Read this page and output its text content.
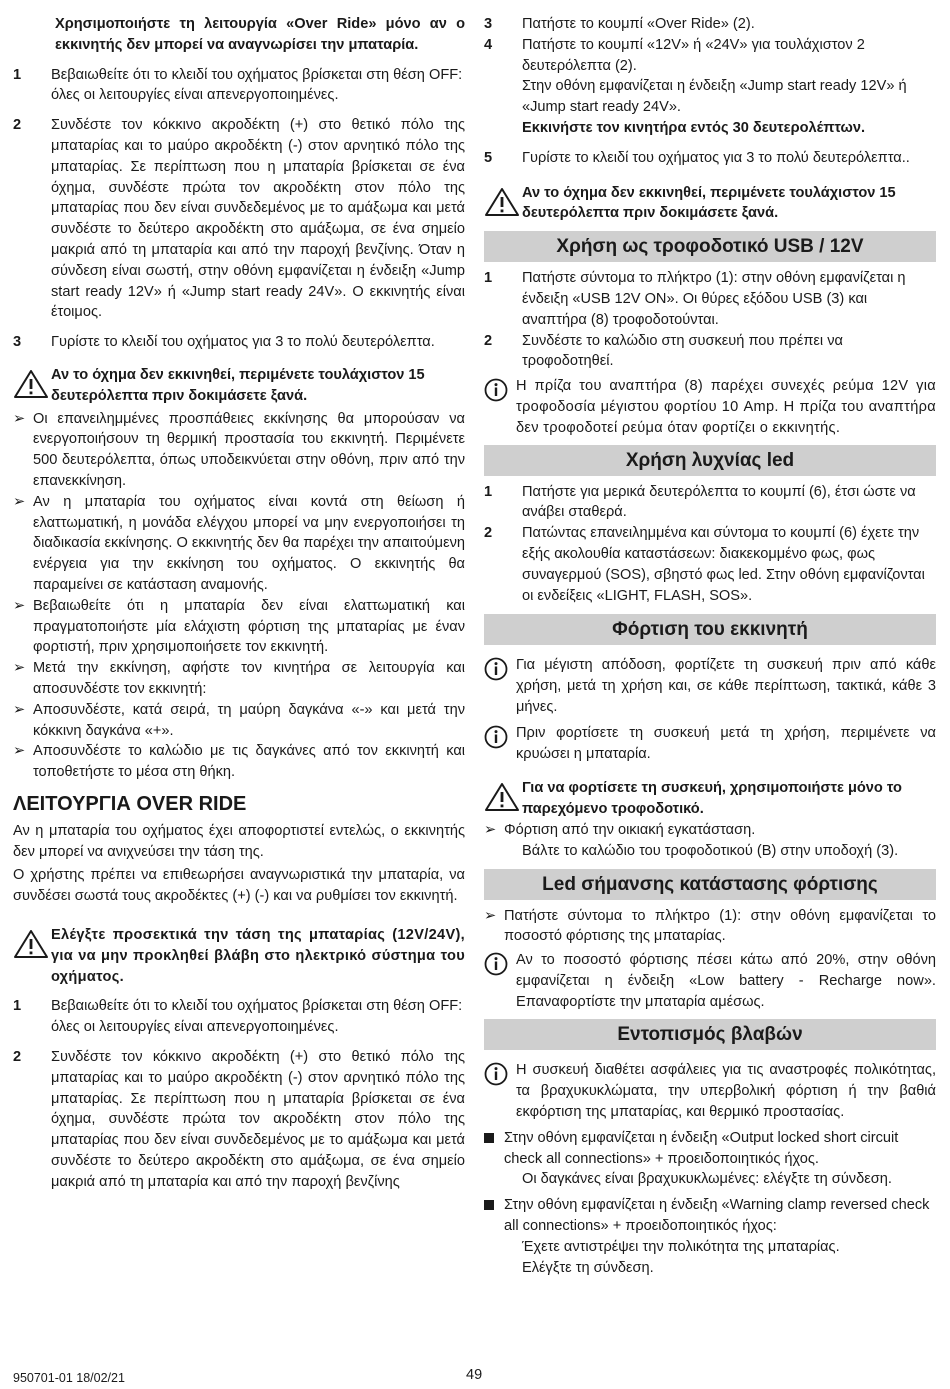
Χρησιμοποιήστε τη λειτουργία «Over Ride» μόνο αν ο εκκινητής δεν μπορεί να αναγνωρίσει την μπαταρία.

1	Βεβαιωθείτε ότι το κλειδί του οχήματος βρίσκεται στη θέση OFF: όλες οι λειτουργίες είναι απενεργοποιημένες.
2	Συνδέστε τον κόκκινο ακροδέκτη (+) στο θετικό πόλο της μπαταρίας και το μαύρο ακροδέκτη (-) στον αρνητικό πόλο της μπαταρίας. Σε περίπτωση που η μπαταρία βρίσκεται σε ένα όχημα, συνδέστε πρώτα τον ακροδέκτη στον πόλο της μπαταρίας που δεν είναι συνδεδεμένος με το αμάξωμα και μετά συνδέστε το δεύτερο ακροδέκτη στο αμάξωμα, σε ένα σημείο μακριά από τη μπαταρία και από την παροχή βενζίνης. Όταν η σύνδεση είναι σωστή, στην οθόνη εμφανίζεται η ένδειξη «Jump start ready 12V» ή «Jump start ready 24V». Ο εκκινητής είναι έτοιμος.
3	Γυρίστε το κλειδί του οχήματος για 3 το πολύ δευτερόλεπτα.
Αν το όχημα δεν εκκινηθεί, περιμένετε τουλάχιστον 15 δευτερόλεπτα πριν δοκιμάσετε ξανά.
➢ Οι επανειλημμένες προσπάθειες εκκίνησης θα μπορούσαν να ενεργοποιήσουν τη θερμική προστασία του εκκινητή. Περιμένετε 500 δευτερόλεπτα, όπως υποδεικνύεται στην οθόνη, πριν από την επανεκκίνηση.
➢ Αν η μπαταρία του οχήματος είναι κοντά στη θείωση ή ελαττωματική, η μονάδα ελέγχου μπορεί να μην ενεργοποιήσει τη διαδικασία εκκίνησης. Ο εκκινητής δεν θα παρέχει την απαιτούμενη ενέργεια για την εκκίνηση του οχήματος. Ο εκκινητής θα παραμείνει σε κατάσταση αναμονής.
➢ Βεβαιωθείτε ότι η μπαταρία δεν είναι ελαττωματική και πραγματοποιήστε μία ελάχιστη φόρτιση της μπαταρίας με έναν φορτιστή, πριν χρησιμοποιήσετε τον εκκινητή.
➢ Μετά την εκκίνηση, αφήστε τον κινητήρα σε λειτουργία και αποσυνδέστε τον εκκινητή:
➢ Αποσυνδέστε, κατά σειρά, τη μαύρη δαγκάνα «-» και μετά την κόκκινη δαγκάνα «+».
➢ Αποσυνδέστε το καλώδιο με τις δαγκάνες από τον εκκινητή και τοποθετήστε το μέσα στη θήκη.
ΛΕΙΤΟΥΡΓΙΑ OVER RIDE

Αν η μπαταρία του οχήματος έχει αποφορτιστεί εντελώς, ο εκκινητής δεν μπορεί να ανιχνεύσει την τάση της.

Ο χρήστης πρέπει να επιθεωρήσει αναγνωριστικά την μπαταρία, να συνδέσει σωστά τους ακροδέκτες (+) (-) και να ρυθμίσει τον εκκινητή.

Ελέγξτε προσεκτικά την τάση της μπαταρίας (12V/24V), για να μην προκληθεί βλάβη στο ηλεκτρικό σύστημα του οχήματος.
1	Βεβαιωθείτε ότι το κλειδί του οχήματος βρίσκεται στη θέση OFF: όλες οι λειτουργίες είναι απενεργοποιημένες.
2	Συνδέστε τον κόκκινο ακροδέκτη (+) στο θετικό πόλο της μπαταρίας και το μαύρο ακροδέκτη (-) στον αρνητικό πόλο της μπαταρίας. Σε περίπτωση που η μπαταρία βρίσκεται σε ένα όχημα, συνδέστε πρώτα τον ακροδέκτη στον πόλο της μπαταρίας που δεν είναι συνδεδεμένος με το αμάξωμα και μετά συνδέστε το δεύτερο ακροδέκτη στο αμάξωμα, σε ένα σημείο μακριά από τη μπαταρία και από την παροχή βενζίνης
3	Πατήστε το κουμπί «Over Ride» (2).
4	Πατήστε το κουμπί «12V» ή «24V» για τουλάχιστον 2 δευτερόλεπτα (2).

Στην οθόνη εμφανίζεται η ένδειξη «Jump start ready 12V» ή «Jump start ready 24V».

Εκκινήστε τον κινητήρα εντός 30 δευτερολέπτων.

5	Γυρίστε το κλειδί του οχήματος για 3 το πολύ δευτερόλεπτα..
Αν το όχημα δεν εκκινηθεί, περιμένετε τουλάχιστον 15 δευτερόλεπτα πριν δοκιμάσετε ξανά.
Χρήση ως τροφοδοτικό USB / 12V
1	Πατήστε σύντομα το πλήκτρο (1): στην οθόνη εμφανίζεται η ένδειξη «USB 12V ON». Οι θύρες εξόδου USB (3) και αναπτήρα (8) τροφοδοτούνται.
2	Συνδέστε το καλώδιο στη συσκευή που πρέπει να τροφοδοτηθεί.
Η πρίζα του αναπτήρα (8) παρέχει συνεχές ρεύμα 12V για τροφοδοσία μέγιστου φορτίου 10 Amp. Η πρίζα του αναπτήρα δεν τροφοδοτεί ρεύμα όταν φορτίζει ο εκκινητής.
Χρήση λυχνίας led
1	Πατήστε για μερικά δευτερόλεπτα το κουμπί (6), έτσι ώστε να ανάβει σταθερά.
2	Πατώντας επανειλημμένα και σύντομα το κουμπί (6) έχετε την εξής ακολουθία καταστάσεων: διακεκομμένο φως, φως συναγερμού (SOS), σβηστό φως led. Στην οθόνη εμφανίζονται οι ενδείξεις «LIGHT, FLASH, SOS».
Φόρτιση του εκκινητή
Για μέγιστη απόδοση, φορτίζετε τη συσκευή πριν από κάθε χρήση, μετά τη χρήση και, σε κάθε περίπτωση, τακτικά, κάθε 3 μήνες.
Πριν φορτίσετε τη συσκευή μετά τη χρήση, περιμένετε να κρυώσει η μπαταρία.
Για να φορτίσετε τη συσκευή, χρησιμοποιήστε μόνο το παρεχόμενο τροφοδοτικό.
➢ Φόρτιση από την οικιακή εγκατάσταση.

Βάλτε το καλώδιο του τροφοδοτικού (B) στην υποδοχή (3).

Led σήμανσης κατάστασης φόρτισης
➢ Πατήστε σύντομα το πλήκτρο (1): στην οθόνη εμφανίζεται το ποσοστό φόρτισης της μπαταρίας.
Αν το ποσοστό φόρτισης πέσει κάτω από 20%, στην οθόνη εμφανίζεται η ένδειξη «Low battery - Recharge now». Επαναφορτίστε την μπαταρία αμέσως.
Εντοπισμός βλαβών
Η συσκευή διαθέτει ασφάλειες για τις αναστροφές πολικότητας, τα βραχυκυκλώματα, την υπερβολική φόρτιση ή την βαθιά εκφόρτιση της μπαταρίας, και θερμικό προστασίας.
Στην οθόνη εμφανίζεται η ένδειξη «Output locked short circuit check all connections» + προειδοποιητικός ήχος.

Οι δαγκάνες είναι βραχυκυκλωμένες: ελέγξτε τη σύνδεση.

Στην οθόνη εμφανίζεται η ένδειξη «Warning clamp reversed check all connections» + προειδοποιητικός ήχος:

Έχετε αντιστρέψει την πολικότητα της μπαταρίας.

Ελέγξτε τη σύνδεση.

950701-01 18/02/21	49
